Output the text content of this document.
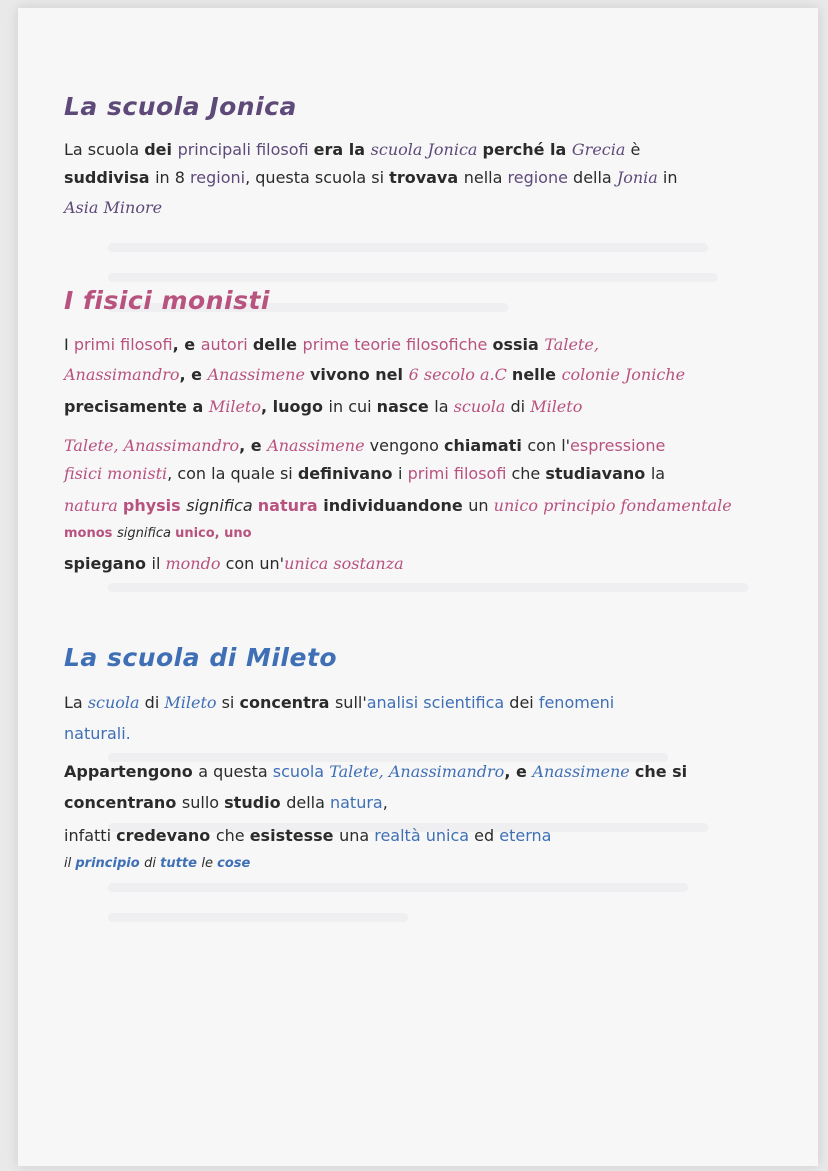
La scuola Jonica
La scuola dei principali filosofi era la scuola Jonica perché la Grecia è
suddivisa in 8 regioni, questa scuola si trovava nella regione della Jonia in
Asia Minore
I fisici monisti
I primi filosofi, e autori delle prime teorie filosofiche ossia Talete,
Anassimandro, e Anassimene vivono nel 6 secolo a.C nelle colonie Joniche
precisamente a Mileto, luogo in cui nasce la scuola di Mileto
Talete, Anassimandro, e Anassimene vengono chiamati con l'espressione
fisici monisti, con la quale si definivano i primi filosofi che studiavano la
natura physis significa natura individuandone un unico principio fondamentale
monos significa unico, uno
spiegano il mondo con un'unica sostanza
La scuola di Mileto
La scuola di Mileto si concentra sull'analisi scientifica dei fenomeni
naturali.
Appartengono a questa scuola Talete, Anassimandro, e Anassimene che si
concentrano sullo studio della natura,
infatti credevano che esistesse una realtà unica ed eterna
il principio di tutte le cose
